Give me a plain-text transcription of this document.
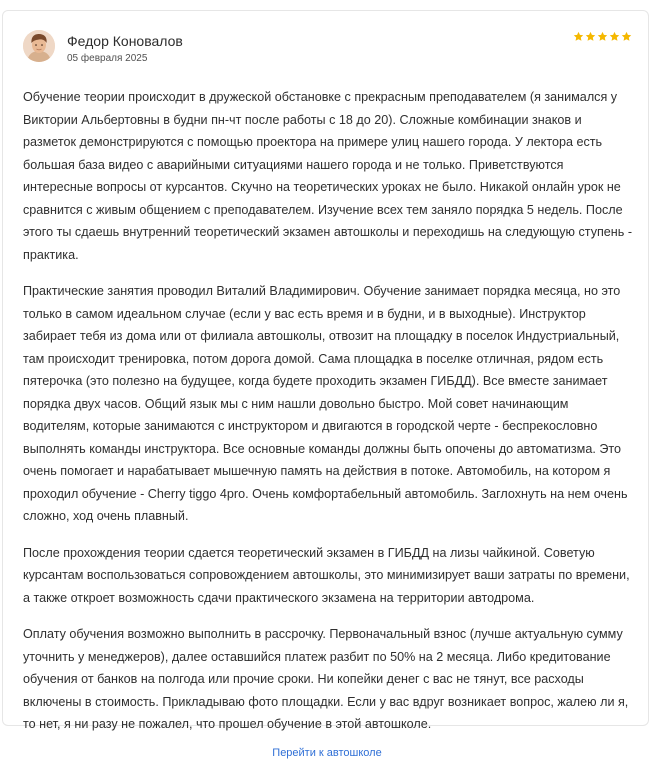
Федор Коновалов
05 февраля 2025

Обучение теории происходит в дружеской обстановке с прекрасным преподавателем (я занимался у Виктории Альбертовны в будни пн-чт после работы с 18 до 20). Сложные комбинации знаков и разметок демонстрируются с помощью проектора на примере улиц нашего города. У лектора есть большая база видео с аварийными ситуациями нашего города и не только. Приветствуются интересные вопросы от курсантов. Скучно на теоретических уроках не было. Никакой онлайн урок не сравнится с живым общением с преподавателем. Изучение всех тем заняло порядка 5 недель. После этого ты сдаешь внутренний теоретический экзамен автошколы и переходишь на следующую ступень - практика.

Практические занятия проводил Виталий Владимирович. Обучение занимает порядка месяца, но это только в самом идеальном случае (если у вас есть время и в будни, и в выходные). Инструктор забирает тебя из дома или от филиала автошколы, отвозит на площадку в поселок Индустриальный, там происходит тренировка, потом дорога домой. Сама площадка в поселке отличная, рядом есть пятерочка (это полезно на будущее, когда будете проходить экзамен ГИБДД). Все вместе занимает порядка двух часов. Общий язык мы с ним нашли довольно быстро. Мой совет начинающим водителям, которые занимаются с инструктором и двигаются в городской черте - беспрекословно выполнять команды инструктора. Все основные команды должны быть опочены до автоматизма. Это очень помогает и нарабатывает мышечную память на действия в потоке. Автомобиль, на котором я проходил обучение - Cherry tiggo 4pro. Очень комфортабельный автомобиль. Заглохнуть на нем очень сложно, ход очень плавный.

После прохождения теории сдается теоретический экзамен в ГИБДД на лизы чайкиной. Советую курсантам воспользоваться сопровождением автошколы, это минимизирует ваши затраты по времени, а также откроет возможность сдачи практического экзамена на территории автодрома.

Оплату обучения возможно выполнить в рассрочку. Первоначальный взнос (лучше актуальную сумму уточнить у менеджеров), далее оставшийся платеж разбит по 50% на 2 месяца. Либо кредитование обучения от банков на полгода или прочие сроки. Ни копейки денег с вас не тянут, все расходы включены в стоимость. Прикладываю фото площадки. Если у вас вдруг возникает вопрос, жалею ли я, то нет, я ни разу не пожалел, что прошел обучение в этой автошколе.

Перейти к автошколе
